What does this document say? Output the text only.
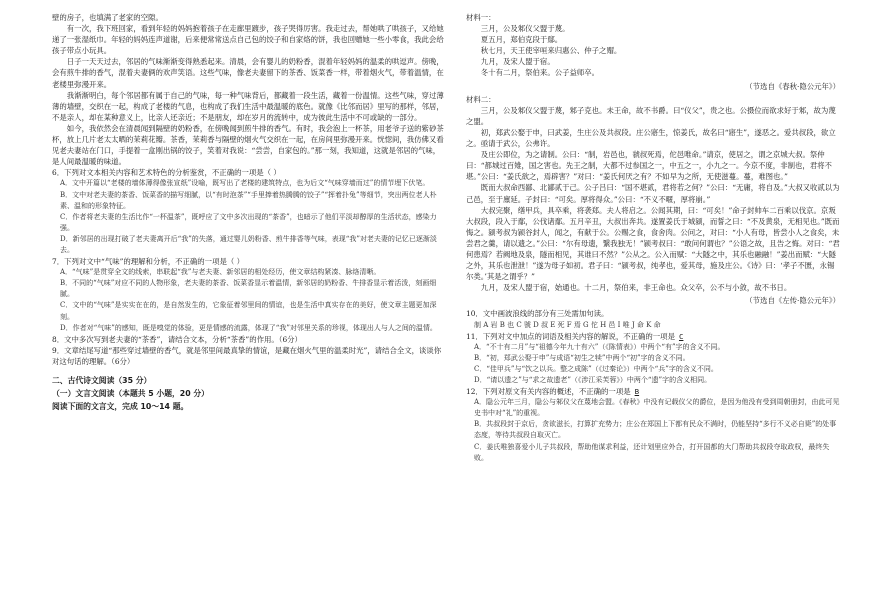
壁的房子，也填满了老家的空隙。

有一次，我下班回家，看到年轻的妈妈抱着孩子在走廊里踱步，孩子哭得厉害。我走过去，帮她哄了哄孩子，又给她递了一张湿纸巾。年轻的妈妈连声道谢，后来便常常送点自己包的饺子和自家烙的饼，我也回赠她一些小零食，我此会给孩子带点小玩具。

日子一天天过去，邻居的气味渐渐变得熟悉起来。清晨，会有婴儿的奶粉香，混着年轻妈妈的温柔的哄逗声。傍晚，会有煎牛排的香气，混着夫妻俩的欢声笑语。这些气味，像老夫妻留下的茶香、饭菜香一样，带着烟火气，带着温情，在老楼里弥漫开来。

我渐渐明白，每个邻居都有属于自己的气味，每一种气味背后，都藏着一段生活，藏着一份温情。这些气味，穿过薄薄的墙壁，交织在一起，构成了老楼的气息，也构成了我们生活中最温暖的底色。就像《比邻而居》里写的那样，邻居，不是亲人，却在某种意义上，比亲人还亲近；不是朋友，却在岁月的流转中，成为彼此生活中不可或缺的一部分。

如今，我依然会在清晨闻到隔壁的奶粉香，在傍晚闻到煎牛排的香气。有时，我会泡上一杯茶，用老爷子送的紫砂茶杯，放上几片老太太晒的茉莉花瓣。茶香，茉莉香与隔壁的烟火气交织在一起，在房间里弥漫开来。恍惚间，我仿佛又看见老夫妻站在门口，手提着一盒刚出锅的饺子，笑着对我说：“尝尝，自家包的。”那一刻，我知道，这就是邻居的气味，是人间最温暖的味道。

6．下列对文本相关内容和艺术特色的分析鉴赏，不正确的一项是（ ）

A．文中开篇以“老楼的墙体薄得像张宣纸”设喻，既写出了老楼的建筑特点，也为后文“气味穿墙而过”的情节埋下伏笔。

B．文中对老夫妻的茶香、饭菜香的描写细腻，以“有时泡茶”“手里捧着热腾腾的饺子”“挥着扑兔”等细节，突出两位老人朴素、温和的形象特征。

C．作者将老夫妻的生活比作“一杯温茶”，既呼应了文中多次出现的“茶香”，也暗示了他们平淡却醇厚的生活状态，感染力强。

D．新邻居的出现打破了老夫妻离开后“我”的失落，通过婴儿奶粉香、煎牛排香等气味，表现“我”对老夫妻的记忆已逐渐淡去。

7．下列对文中“气味”的理解和分析，不正确的一项是（ ）

A．“气味”是贯穿全文的线索，串联起“我”与老夫妻、新邻居的相处经历，使文章结构紧凑、脉络清晰。

B．不同的“气味”对应不同的人物形象，老夫妻的茶香、饭菜香显示着温情，新邻居的奶粉香、牛排香显示着活泼，刻画细腻。

C．文中的“气味”是实实在在的，是自然发生的，它象征着邻里间的情谊，也是生活中真实存在的美好，使文章主题更加深刻。

D．作者对“气味”的感知，既是嗅觉的体验，更是情感的流露，体现了“我”对邻里关系的珍视，体现出人与人之间的温情。

8．文中多次写到老夫妻的“茶香”，请结合文本，分析“茶香”的作用。（6分）

9．文章结尾写道“那些穿过墙壁的香气，就是邻里间最真挚的情谊，是藏在烟火气里的温柔时光”，请结合全文，谈谈你对这句话的理解。（6分）

二、古代诗文阅读（35 分）

（一）文言文阅读（本题共 5 小题，20 分）

阅读下面的文言文，完成 10～14 题。

材料一：

三月，公及邾仪父盟于蔑。

夏五月，郑伯克段于鄢。

秋七月，天王使宰咺来归惠公、仲子之赗。

九月，及宋人盟于宿。

冬十有二月，祭伯来。公子益师卒。

（节选自《春秋·隐公元年》）

材料二：

三月，公及邾仪父盟于蔑，邾子克也。未王命，故不书爵。曰“仪父”，贵之也。公摄位而欲求好于邾，故为蔑之盟。

初，郑武公娶于申，曰武姜，生庄公及共叔段。庄公寤生，惊姜氏，故名曰“寤生”，遂恶之。爱共叔段，欲立之。亟请于武公，公弗许。

及庄公即位，为之请制。公曰：“制，岩邑也，虢叔死焉，佗邑唯命。”请京，使居之，谓之京城大叔。祭仲曰：“都城过百雉，国之害也。先王之制，大都不过参国之一，中五之一，小九之一。今京不度，非制也，君将不堪。”公曰：“姜氏欲之，焉辟害？”对曰：“姜氏何厌之有？不如早为之所，无使滋蔓。蔓，难图也。”

既而大叔命西鄙、北鄙贰于己。公子吕曰：“国不堪贰，君将若之何？”公曰：“无庸，将自及。”大叔又收贰以为己邑，至于廪延。子封曰：“可矣。厚将得众。”公曰：“不义不暱，厚将崩。”

大叔完聚，缮甲兵，具卒乘，将袭郑。夫人将启之。公闻其期，曰：“可矣！”命子封帅车二百乘以伐京。京叛大叔段，段入于鄢，公伐诸鄢。五月辛丑，大叔出奔共。遂置姜氏于城颍，而誓之曰：“不及黄泉，无相见也。”既而悔之。颍考叔为颍谷封人，闻之，有献于公。公赐之食，食舍肉。公问之，对曰：“小人有母，皆尝小人之食矣，未尝君之羹，请以遗之。”公曰：“尔有母遗，繄我独无！”颍考叔曰：“敢问何谓也？”公语之故，且告之悔。对曰：“君何患焉？若阙地及泉，隧而相见，其谁曰不然？”公从之。公入而赋：“大隧之中，其乐也融融！”姜出而赋：“大隧之外，其乐也泄泄！”遂为母子如初。君子曰：“颍考叔，纯孝也，爱其母，施及庄公。《诗》曰：‘孝子不匮，永锡尔类。’其是之谓乎？”

九月，及宋人盟于宿，始通也。十二月，祭伯来，非王命也。众父卒，公不与小敛，故不书日。

（节选自《左传·隐公元年》）

10．文中画波浪线的部分有三处需加句读。

制 A 岩 B 也 C 虢 D 叔 E 死 F 焉 G 佗 H 邑 I 唯 J 命 K 命

11．下列对文中加点的词语及相关内容的解说，不正确的一项是 C

A．“不十有二月”与“祖德今年九十有六”（《陈情表》）中两个“有”字的含义不同。

B．“初，郑武公娶于申”与成语“初生之犊”中两个“初”字的含义不同。

C．“佳甲兵”与“饮之以兵。整之成陈”（《过秦论》）中两个“兵”字的含义不同。

D．“请以遗之”与“求之故遗老”（《涉江采芙蓉》）中两个“遗”字的含义相同。

12．下列对原文有关内容的概述，不正确的一项是 B

A．隐公元年三月，隐公与邾仪父在蔑地会盟。《春秋》中没有记载仪父的爵位，是因为他没有受到周朝册封，由此可见史书中对“礼”的重视。

B．共叔段封于京后，贪欲滋长，打算扩充势力；庄公在郑国上下都有民众不满时，仍能坚持“多行不义必自毙”的处事态度，等待共叔段自取灭亡。

C．姜氏唯独喜爱小儿子共叔段，帮助他谋求利益，还计划里应外合，打开国都的大门帮助共叔段夺取政权，最终失败。
